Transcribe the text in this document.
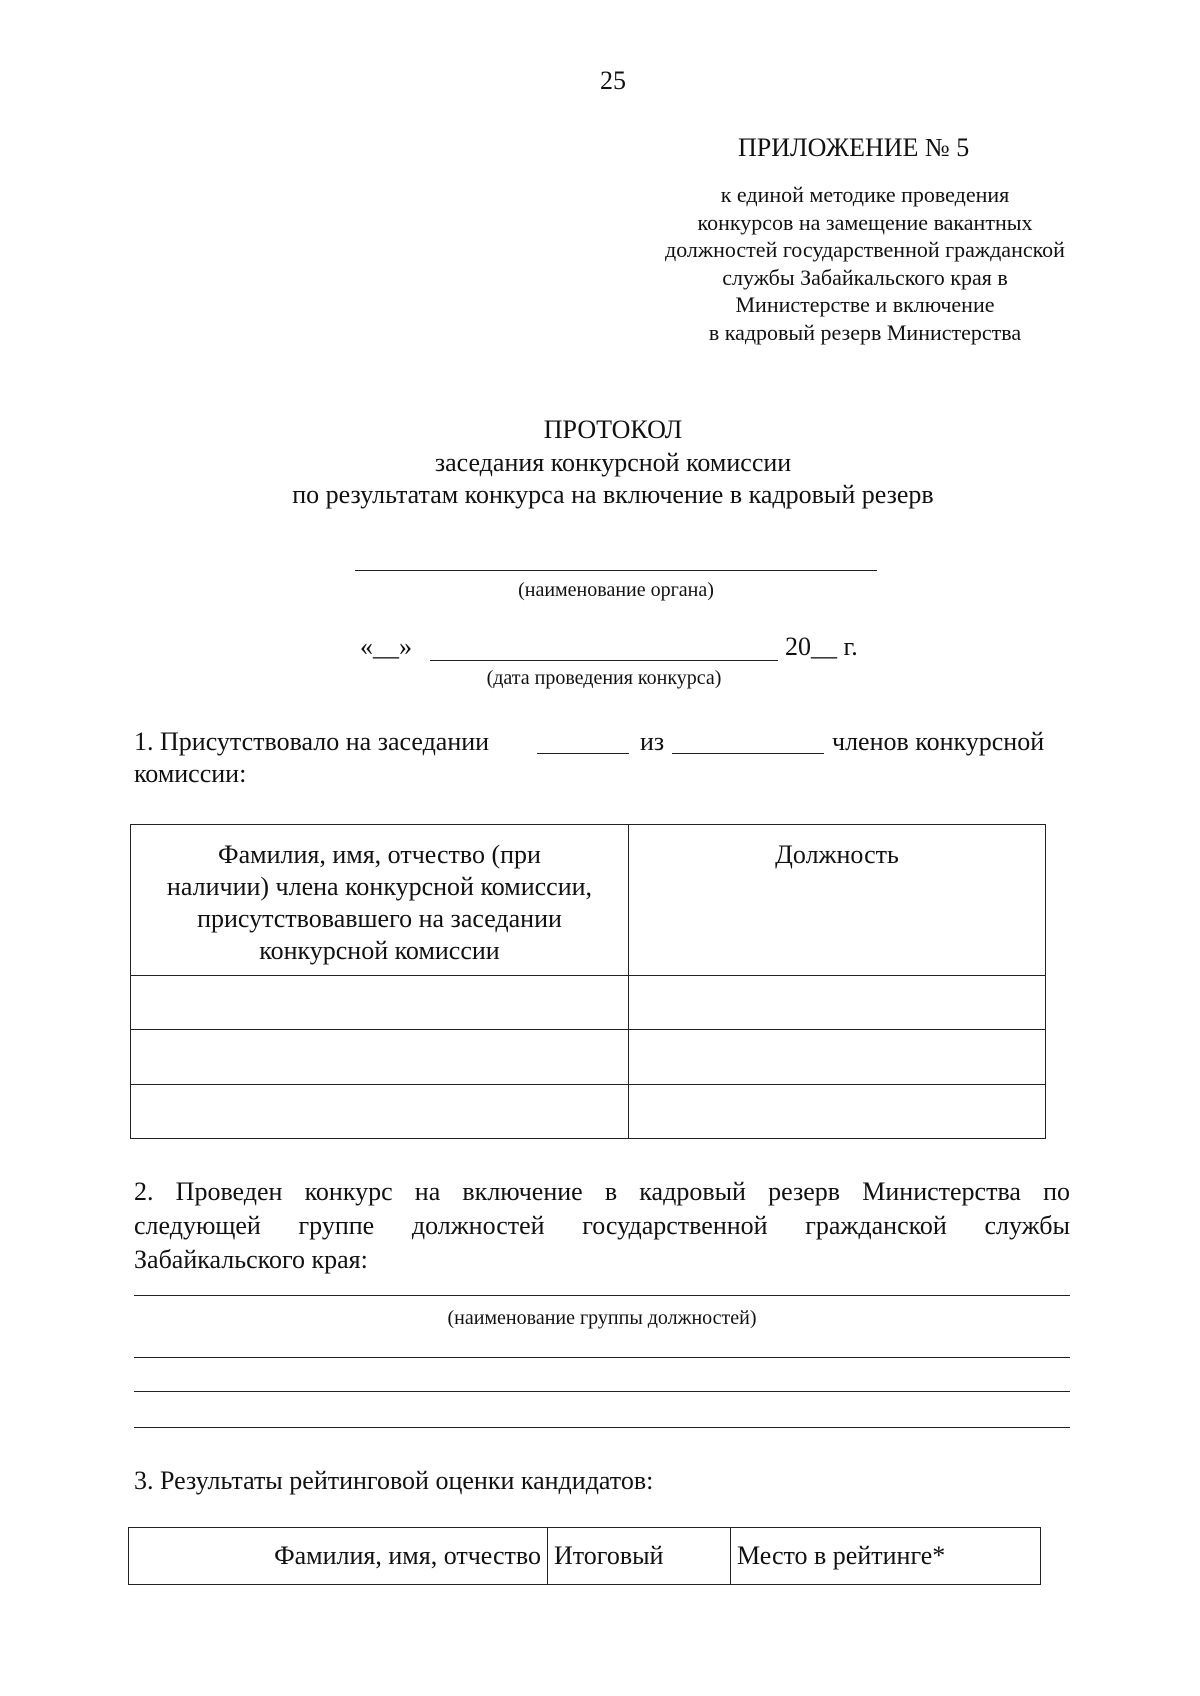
25
ПРИЛОЖЕНИЕ № 5
к единой методике проведения
конкурсов на замещение вакантных
должностей государственной гражданской
службы Забайкальского края в
Министерстве и включение
в кадровый резерв Министерства
ПРОТОКОЛ
заседания конкурсной комиссии
по результатам конкурса на включение в кадровый резерв
(наименование органа)
«__»	20__ г.
(дата проведения конкурса)
1. Присутствовало на заседании	из	членов конкурсной
комиссии:
Фамилия, имя, отчество (при
наличии) члена конкурсной комиссии,
присутствовавшего на заседании
конкурсной комиссии	Должность

2. Проведен конкурс на включение в кадровый резерв Министерства по
следующей группе должностей государственной гражданской службы
Забайкальского края:
(наименование группы должностей)
3. Результаты рейтинговой оценки кандидатов:
Фамилия, имя, отчество	Итоговый	Место в рейтинге*
